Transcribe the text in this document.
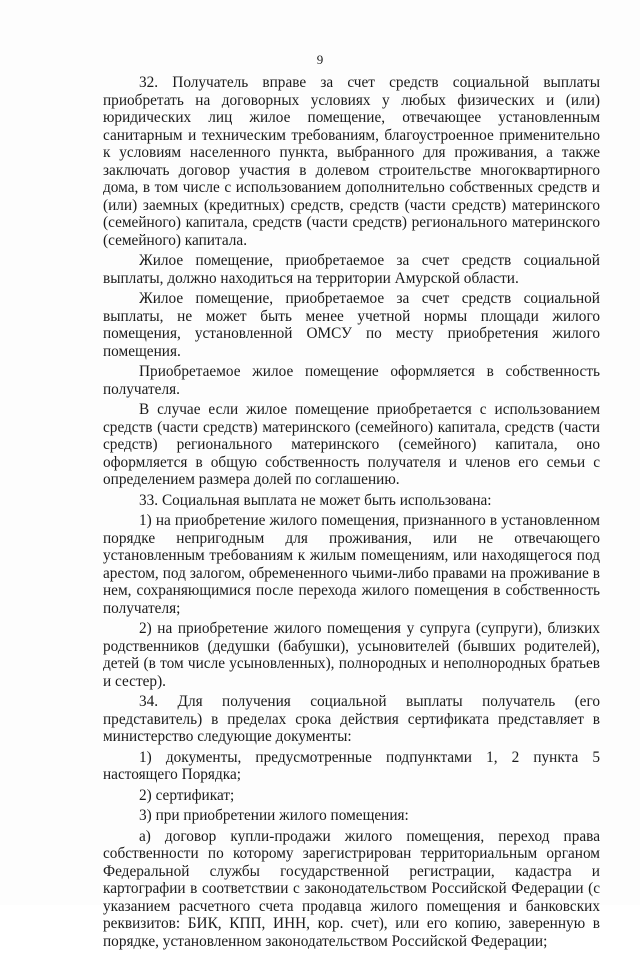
9

32. Получатель вправе за счет средств социальной выплаты приобретать на договорных условиях у любых физических и (или) юридических лиц жилое помещение, отвечающее установленным санитарным и техническим требованиям, благоустроенное применительно к условиям населенного пункта, выбранного для проживания, а также заключать договор участия в долевом строительстве многоквартирного дома, в том числе с использованием дополнительно собственных средств и (или) заемных (кредитных) средств, средств (части средств) материнского (семейного) капитала, средств (части средств) регионального материнского (семейного) капитала.

Жилое помещение, приобретаемое за счет средств социальной выплаты, должно находиться на территории Амурской области.

Жилое помещение, приобретаемое за счет средств социальной выплаты, не может быть менее учетной нормы площади жилого помещения, установленной ОМСУ по месту приобретения жилого помещения.

Приобретаемое жилое помещение оформляется в собственность получателя.

В случае если жилое помещение приобретается с использованием средств (части средств) материнского (семейного) капитала, средств (части средств) регионального материнского (семейного) капитала, оно оформляется в общую собственность получателя и членов его семьи с определением размера долей по соглашению.

33. Социальная выплата не может быть использована:

1) на приобретение жилого помещения, признанного в установленном порядке непригодным для проживания, или не отвечающего установленным требованиям к жилым помещениям, или находящегося под арестом, под залогом, обремененного чьими-либо правами на проживание в нем, сохраняющимися после перехода жилого помещения в собственность получателя;

2) на приобретение жилого помещения у супруга (супруги), близких родственников (дедушки (бабушки), усыновителей (бывших родителей), детей (в том числе усыновленных), полнородных и неполнородных братьев и сестер).

34. Для получения социальной выплаты получатель (его представитель) в пределах срока действия сертификата представляет в министерство следующие документы:

1) документы, предусмотренные подпунктами 1, 2 пункта 5 настоящего Порядка;

2) сертификат;

3) при приобретении жилого помещения:

а) договор купли-продажи жилого помещения, переход права собственности по которому зарегистрирован территориальным органом Федеральной службы государственной регистрации, кадастра и картографии в соответствии с законодательством Российской Федерации (с указанием расчетного счета продавца жилого помещения и банковских реквизитов: БИК, КПП, ИНН, кор. счет), или его копию, заверенную в порядке, установленном законодательством Российской Федерации;
